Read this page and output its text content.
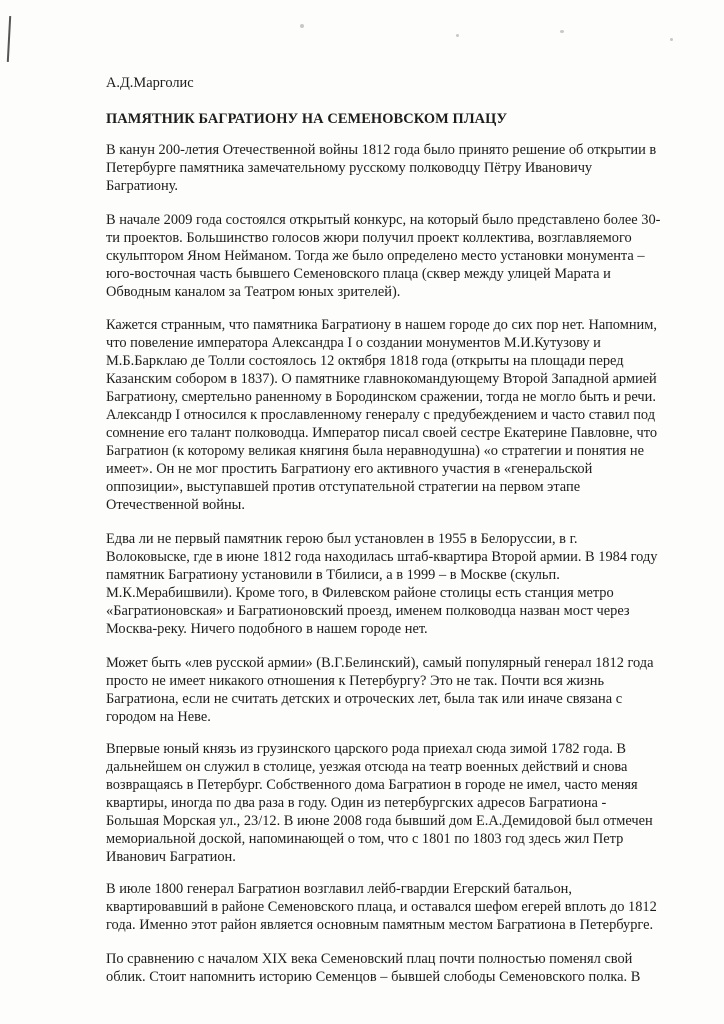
А.Д.Марголис
ПАМЯТНИК БАГРАТИОНУ НА СЕМЕНОВСКОМ ПЛАЦУ
В канун 200-летия Отечественной войны 1812 года было принято решение об открытии в
Петербурге памятника замечательному русскому полководцу Пётру Ивановичу
Багратиону.
В начале 2009 года состоялся открытый конкурс, на который было представлено более 30-
ти проектов. Большинство голосов жюри получил проект коллектива, возглавляемого
скульптором Яном Нейманом. Тогда же было определено место установки монумента –
юго-восточная часть бывшего Семеновского плаца (сквер между улицей Марата и
Обводным каналом за Театром юных зрителей).
Кажется странным, что памятника Багратиону в нашем городе до сих пор нет. Напомним,
что повеление императора Александра I о создании монументов М.И.Кутузову и
М.Б.Барклаю де Толли состоялось 12 октября 1818 года (открыты на площади перед
Казанским собором в 1837). О памятнике главнокомандующему Второй Западной армией
Багратиону, смертельно раненному в Бородинском сражении, тогда не могло быть и речи.
Александр I относился к прославленному генералу с предубеждением и часто ставил под
сомнение его талант полководца. Император писал своей сестре Екатерине Павловне, что
Багратион (к которому великая княгиня была неравнодушна) «о стратегии и понятия не
имеет». Он не мог простить Багратиону его активного участия в «генеральской
оппозиции», выступавшей против отступательной стратегии на первом этапе
Отечественной войны.
Едва ли не первый памятник герою был установлен в 1955 в Белоруссии, в г.
Волоковыске, где в июне 1812 года находилась штаб-квартира Второй армии. В 1984 году
памятник Багратиону установили в Тбилиси, а в 1999 – в Москве (скульп.
М.К.Мерабишвили). Кроме того, в Филевском районе столицы есть станция метро
«Багратионовская» и Багратионовский проезд, именем полководца назван мост через
Москва-реку. Ничего подобного в нашем городе нет.
Может быть «лев русской армии» (В.Г.Белинский), самый популярный генерал 1812 года
просто не имеет никакого отношения к Петербургу? Это не так. Почти вся жизнь
Багратиона, если не считать детских и отроческих лет, была так или иначе связана с
городом на Неве.
Впервые юный князь из грузинского царского рода приехал сюда зимой 1782 года. В
дальнейшем он служил в столице, уезжая отсюда на театр военных действий и снова
возвращаясь в Петербург. Собственного дома Багратион в городе не имел, часто меняя
квартиры, иногда по два раза в году. Один из петербургских адресов Багратиона -
Большая Морская ул., 23/12. В июне 2008 года бывший дом Е.А.Демидовой был отмечен
мемориальной доской, напоминающей о том, что с 1801 по 1803 год здесь жил Петр
Иванович Багратион.
В июле 1800 генерал Багратион возглавил лейб-гвардии Егерский батальон,
квартировавший в районе Семеновского плаца, и оставался шефом егерей вплоть до 1812
года. Именно этот район является основным памятным местом Багратиона в Петербурге.
По сравнению с началом XIX века Семеновский плац почти полностью поменял свой
облик. Стоит напомнить историю Семенцов – бывшей слободы Семеновского полка. В
